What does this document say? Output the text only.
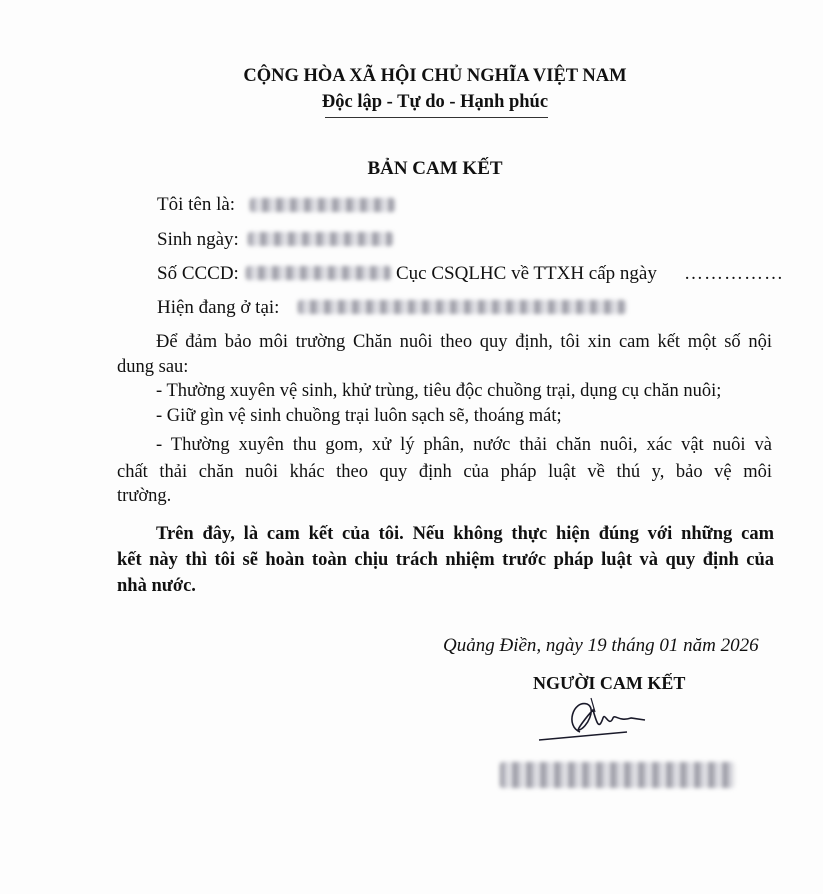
CỘNG HÒA XÃ HỘI CHỦ NGHĨA VIỆT NAM
Độc lập - Tự do - Hạnh phúc
BẢN CAM KẾT
Tôi tên là:
Sinh ngày:
Số CCCD:	Cục CSQLHC về TTXH cấp ngày ……………
Hiện đang ở tại:
Để đảm bảo môi trường Chăn nuôi theo quy định, tôi xin cam kết một số nội
dung sau:
- Thường xuyên vệ sinh, khử trùng, tiêu độc chuồng trại, dụng cụ chăn nuôi;
- Giữ gìn vệ sinh chuồng trại luôn sạch sẽ, thoáng mát;
- Thường xuyên thu gom, xử lý phân, nước thải chăn nuôi, xác vật nuôi và
chất thải chăn nuôi khác theo quy định của pháp luật về thú y, bảo vệ môi
trường.
Trên đây, là cam kết của tôi. Nếu không thực hiện đúng với những cam
kết này thì tôi sẽ hoàn toàn chịu trách nhiệm trước pháp luật và quy định của
nhà nước.
Quảng Điền, ngày 19 tháng 01 năm 2026
NGƯỜI CAM KẾT
